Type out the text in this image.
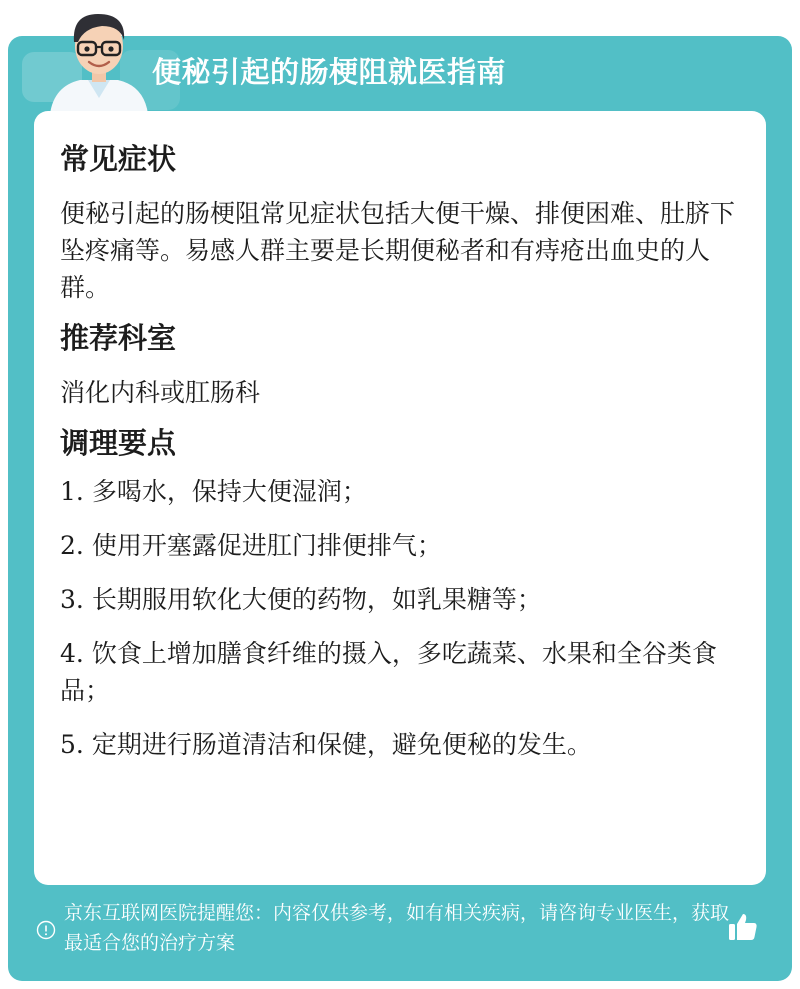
便秘引起的肠梗阻就医指南
常见症状

便秘引起的肠梗阻常见症状包括大便干燥、排便困难、肚脐下坠疼痛等。易感人群主要是长期便秘者和有痔疮出血史的人群。

推荐科室

消化内科或肛肠科

调理要点
1. 多喝水，保持大便湿润；
2. 使用开塞露促进肛门排便排气；
3. 长期服用软化大便的药物，如乳果糖等；
4. 饮食上增加膳食纤维的摄入，多吃蔬菜、水果和全谷类食品；
5. 定期进行肠道清洁和保健，避免便秘的发生。
京东互联网医院提醒您：内容仅供参考，如有相关疾病，请咨询专业医生，获取最适合您的治疗方案
